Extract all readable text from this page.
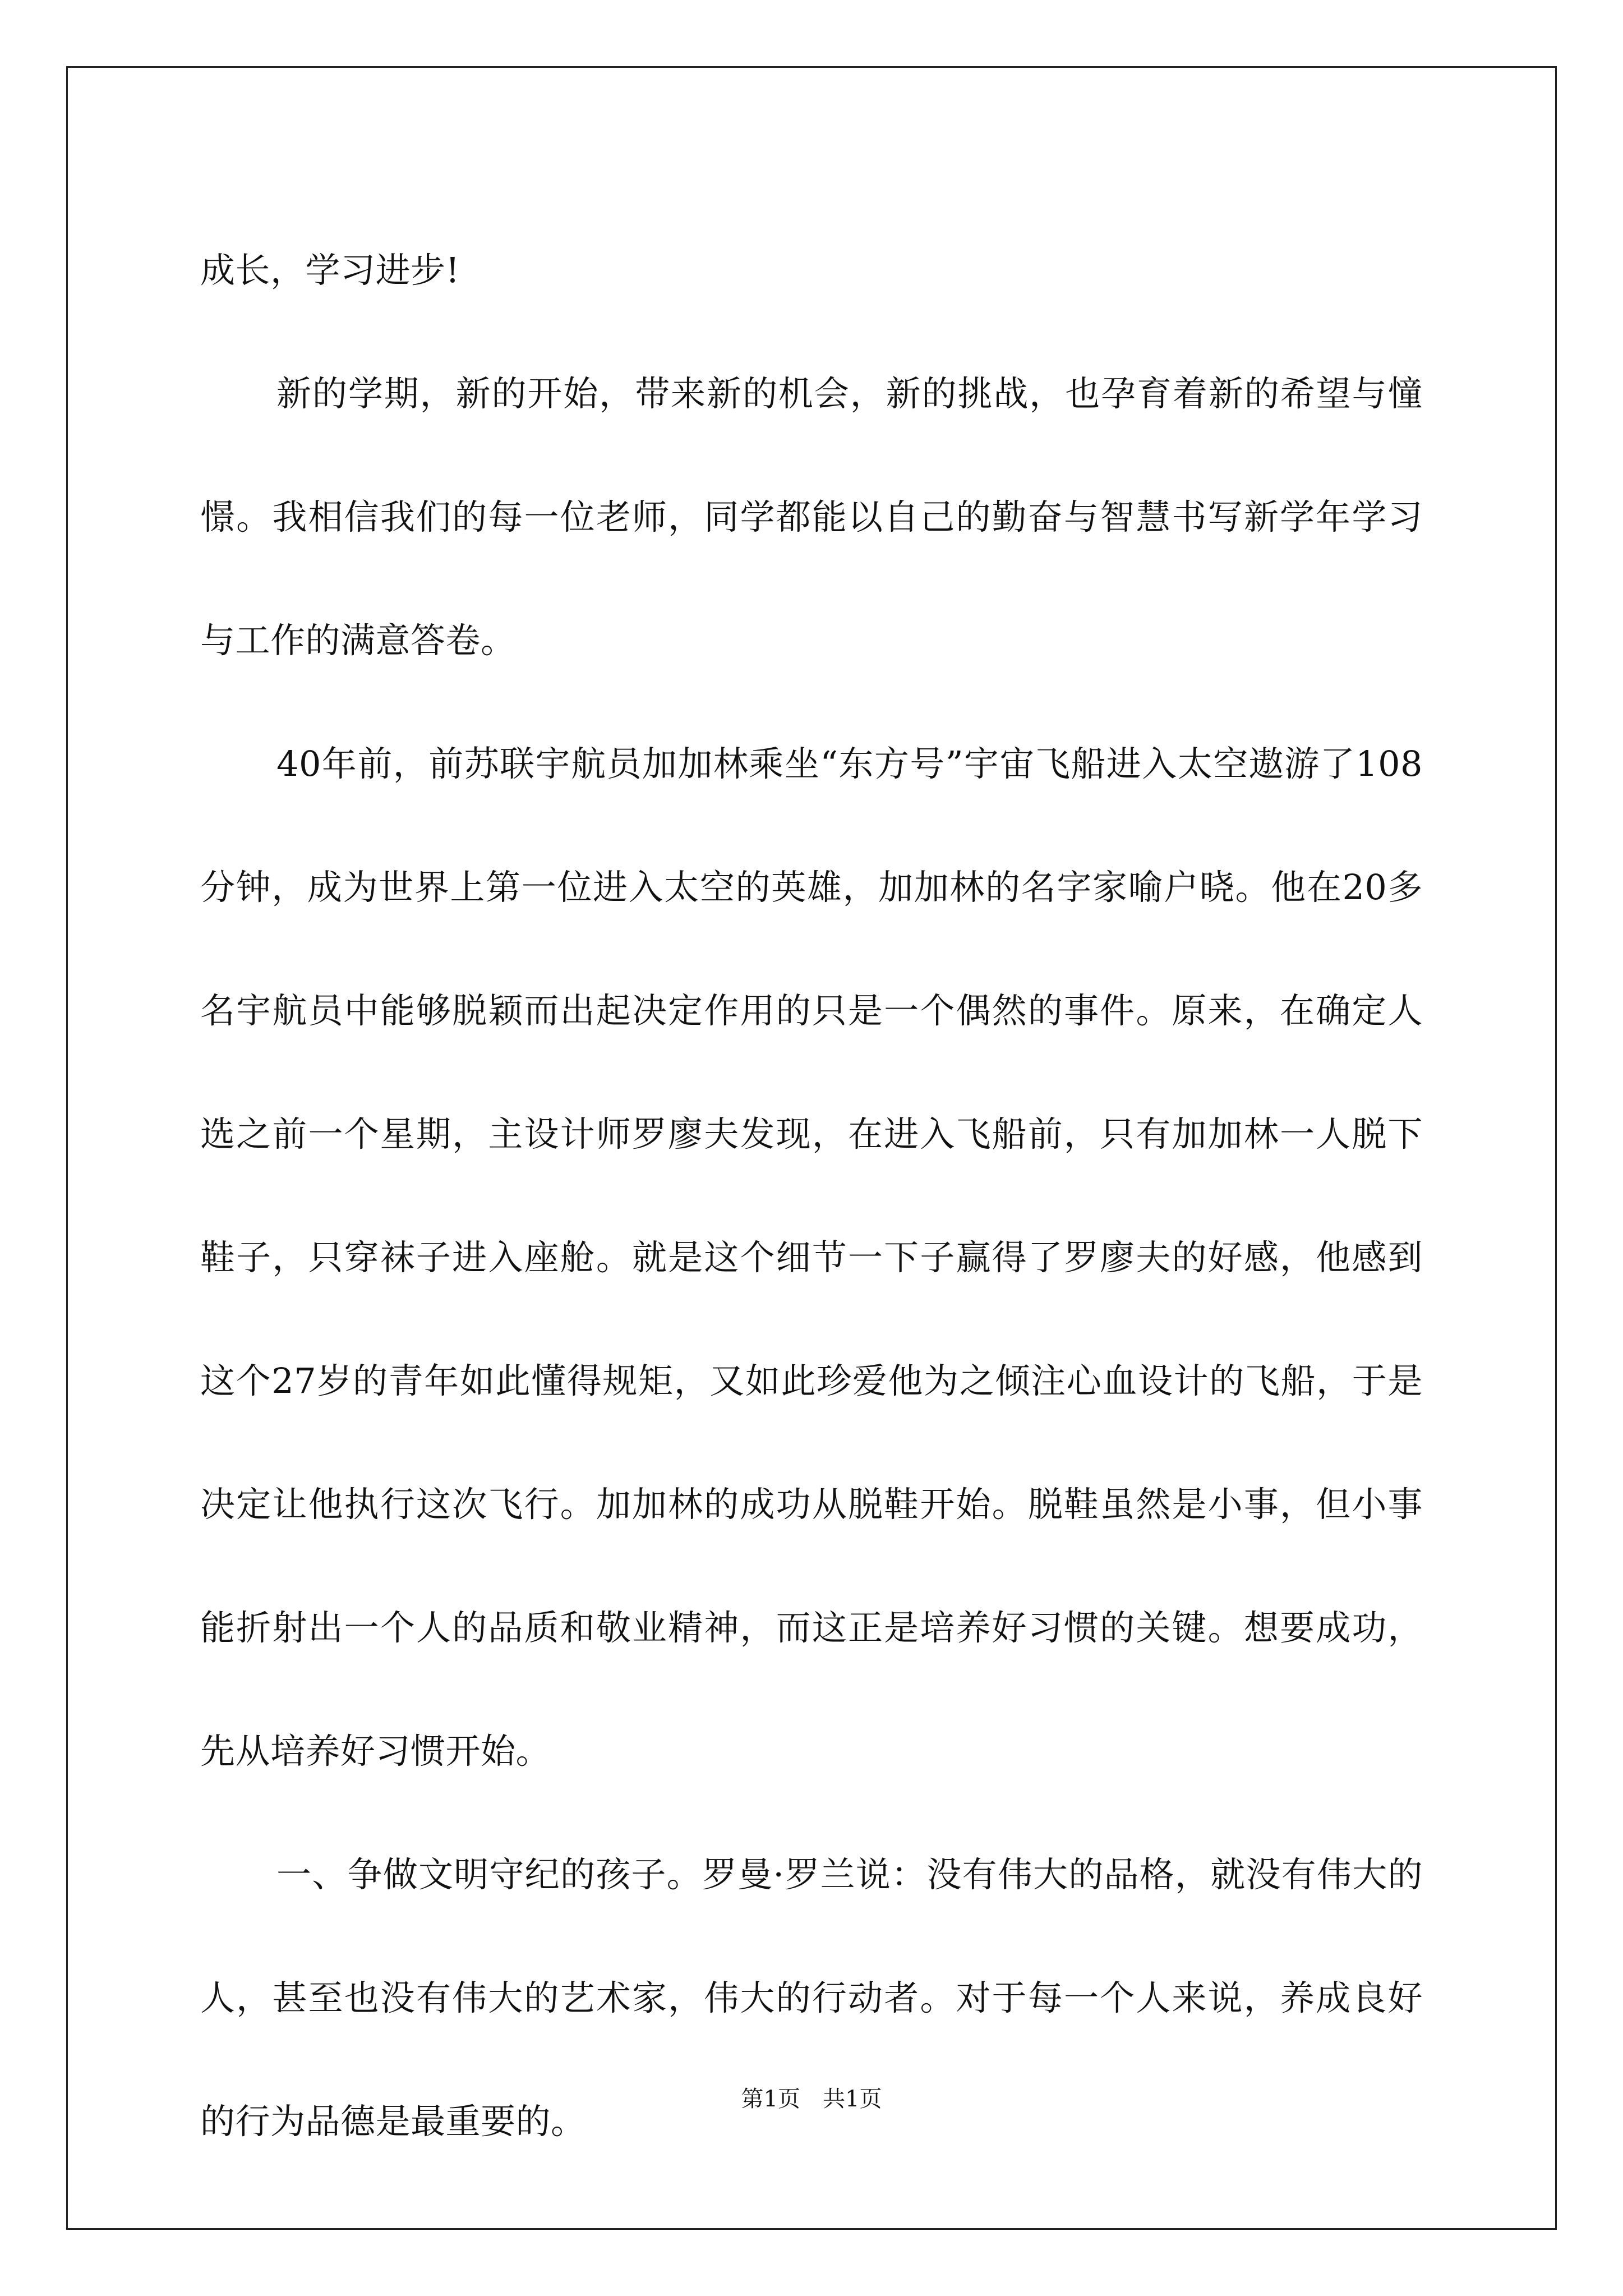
成长，学习进步!

新的学期，新的开始，带来新的机会，新的挑战，也孕育着新的希望与憧憬。我相信我们的每一位老师，同学都能以自己的勤奋与智慧书写新学年学习与工作的满意答卷。

40年前，前苏联宇航员加加林乘坐“东方号”宇宙飞船进入太空遨游了108分钟，成为世界上第一位进入太空的英雄，加加林的名字家喻户晓。他在20多名宇航员中能够脱颖而出起决定作用的只是一个偶然的事件。原来，在确定人选之前一个星期，主设计师罗廖夫发现，在进入飞船前，只有加加林一人脱下鞋子，只穿袜子进入座舱。就是这个细节一下子赢得了罗廖夫的好感，他感到这个27岁的青年如此懂得规矩，又如此珍爱他为之倾注心血设计的飞船，于是决定让他执行这次飞行。加加林的成功从脱鞋开始。脱鞋虽然是小事，但小事能折射出一个人的品质和敬业精神，而这正是培养好习惯的关键。想要成功，先从培养好习惯开始。

一、争做文明守纪的孩子。罗曼·罗兰说：没有伟大的品格，就没有伟大的人，甚至也没有伟大的艺术家，伟大的行动者。对于每一个人来说，养成良好的行为品德是最重要的。

第1页　共1页
